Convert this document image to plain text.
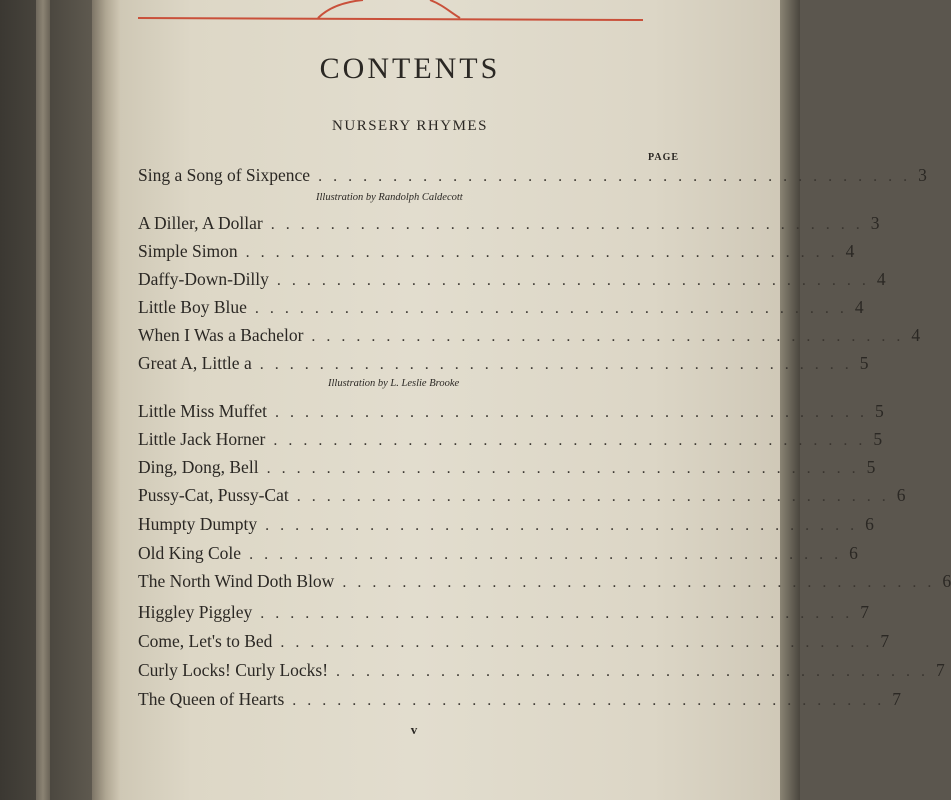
CONTENTS
NURSERY RHYMES
PAGE
Sing a Song of Sixpence ........................................ 3
Illustration by Randolph Caldecott
A Diller, A Dollar ........................................ 3
Simple Simon ........................................ 4
Daffy-Down-Dilly ........................................ 4
Little Boy Blue ........................................ 4
When I Was a Bachelor ........................................ 4
Great A, Little a ........................................ 5
Illustration by L. Leslie Brooke
Little Miss Muffet ........................................ 5
Little Jack Horner ........................................ 5
Ding, Dong, Bell ........................................ 5
Pussy-Cat, Pussy-Cat ........................................ 6
Humpty Dumpty ........................................ 6
Old King Cole ........................................ 6
The North Wind Doth Blow ........................................ 6
Higgley Piggley ........................................ 7
Come, Let's to Bed ........................................ 7
Curly Locks! Curly Locks! ........................................ 7
The Queen of Hearts ........................................ 7
v
